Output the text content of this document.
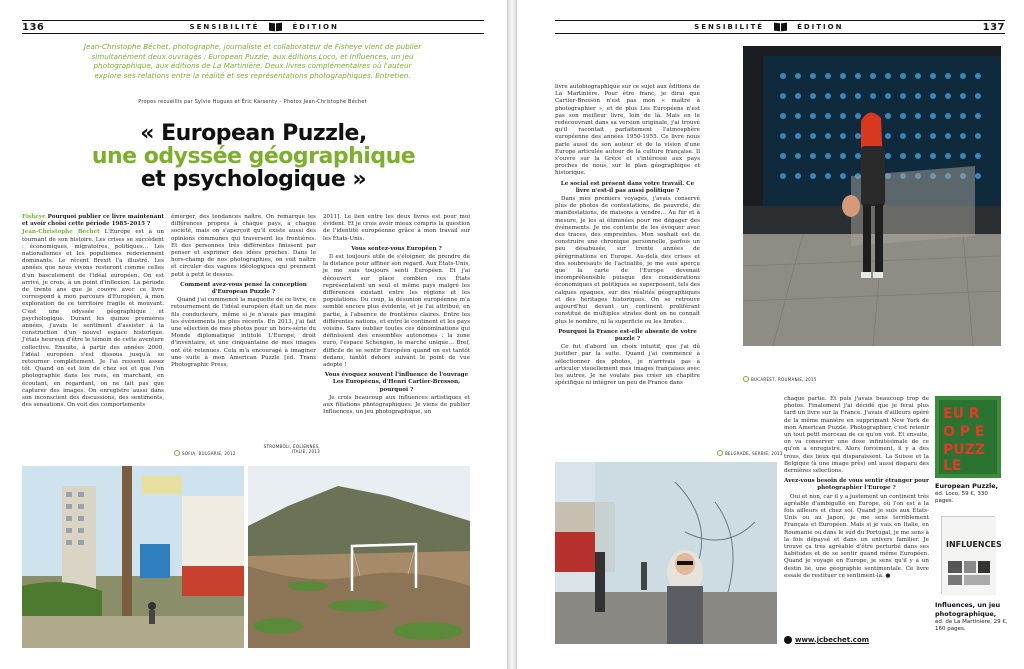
136	SENSIBILITÉ	ÉDITION
Jean-Christophe Béchet, photographe, journaliste et collaborateur de Fisheye vient de publier simultanément deux ouvrages : European Puzzle, aux éditions Loco, et Influences, un jeu photographique, aux éditions de La Martinière. Deux livres complémentaires où l'auteur explore ses relations entre la réalité et ses représentations photographiques. Entretien.
Propos recueillis par Sylvie Hugues et Éric Karsenty – Photos Jean-Christophe Béchet
« European Puzzle,
une odyssée géographique
et psychologique »

Fisheye Pourquoi publier ce livre maintenant et avoir choisi cette période 1985-2015 ?

Jean-Christophe Béchet L'Europe est à un tournant de son histoire. Les crises se succèdent : économiques, migratoires, politiques… Les nationalismes et les populismes redeviennent dominants. Le récent Brexit l'a illustré. Les années que nous vivons resteront comme celles d'un basculement de l'idéal européen. On est arrivé, je crois, à un point d'inflexion. La période de trente ans que je couvre avec ce livre correspond à mon parcours d'Européen, à mon exploration de ce territoire fragile et mouvant. C'est une odyssée géographique et psychologique. Durant les quinze premières années, j'avais le sentiment d'assister à la construction d'un nouvel espace historique. J'étais heureux d'être le témoin de cette aventure collective. Ensuite, à partir des années 2000, l'idéal européen s'est dissous jusqu'à se retourner complètement. Je l'ai ressenti assez tôt. Quand on est loin de chez soi et que l'on photographie dans les rues, en marchant, en écoutant, en regardant, on ne fait pas que capturer des images. On enregistre aussi dans son inconscient des discussions, des sentiments, des sensations. On voit des comportements

émerger, des tendances naître. On remarque les différences propres à chaque pays, à chaque société, mais on s'aperçoit qu'il existe aussi des opinions communes qui traversent les frontières. Et des personnes très différentes finissent par penser et exprimer des idées proches. Dans le hors-champ de nos photographies, on voit naître et circuler des vagues idéologiques qui prennent petit à petit le dessus.

Comment avez-vous pensé la conception d'European Puzzle ?

Quand j'ai commencé la maquette de ce livre, ce retournement de l'idéal européen était un de mes fils conducteurs, même si je n'avais pas imaginé les événements les plus récents. En 2013, j'ai fait une sélection de mes photos pour un hors-série du Monde diplomatique intitulé L'Europe, droit d'inventaire, et une cinquantaine de mes images ont été retenues. Cela m'a encouragé à imaginer une suite à mon American Puzzle [éd. Trans Photographic Press,

2011]. Le lien entre les deux livres est pour moi évident. Et je crois avoir mieux compris la question de l'identité européenne grâce à mon travail sur les États-Unis.

Vous sentez-vous Européen ?

Il est toujours utile de s'éloigner, de prendre de la distance pour affiner son regard. Aux États-Unis, je me suis toujours senti Européen. Et j'ai découvert sur place combien ces États représentaient un seul et même pays malgré les différences existant entre les régions et les populations. Du coup, la désunion européenne m'a semblé encore plus évidente, et je l'ai attribué, en partie, à l'absence de frontières claires. Entre les différentes nations, et entre le continent et les pays voisins. Sans oublier toutes ces dénominations qui définissent des ensembles autonomes : la zone euro, l'espace Schengen, le marché unique… Bref, difficile de se sentir Européen quand on est tantôt dedans, tantôt dehors suivant le point de vue adopté !

Vous évoquez souvent l'influence de l'ouvrage Les Européens, d'Henri Cartier-Bresson, pourquoi ?

Je crois beaucoup aux influences artistiques et aux filiations photographiques. Je viens de publier Influences, un jeu photographique, un

SOFIA, BULGARIE, 2012
STROMBOLI, ÉOLIENNES, ITALIE, 2013
SENSIBILITÉ	ÉDITION	137

livre autobiographique sur ce sujet aux éditions de La Martinière. Pour être franc, je dirai que Cartier-Bresson n'est pas mon « maître à photographier », et de plus Les Européens n'est pas son meilleur livre, loin de là. Mais en le redécouvrant dans sa version originale, j'ai trouvé qu'il racontait parfaitement l'atmosphère européenne des années 1950-1955. Ce livre nous parle aussi de son auteur et de la vision d'une Europe articulée autour de la culture française. Il s'ouvre sur la Grèce et s'intéresse aux pays proches de nous, sur le plan géographique et historique.

Le social est présent dans votre travail. Ce livre n'est-il pas aussi politique ?

Dans mes premiers voyages, j'avais conservé plus de photos de contestations, de pauvreté, de manifestations, de maisons à vendre… Au fur et à mesure, je les ai éliminées pour me dégager des événements. Je me contente de les évoquer avec des traces, des empreintes. Mon souhait est de construire une chronique personnelle, parfois un peu désabusée, sur trente années de pérégrinations en Europe. Au-delà des crises et des soubresauts de l'actualité, je me suis aperçu que la carte de l'Europe devenait incompréhensible puisque des considérations économiques et politiques se superposent, tels des calques opaques, sur des réalités géographiques et des héritages historiques. On se retrouve aujourd'hui devant un continent proliférant constitué de multiples strates dont on ne connaît plus le nombre, ni la superficie ou les limites.

Pourquoi la France est-elle absente de votre puzzle ?

Ce fut d'abord un choix intuitif, que j'ai dû justifier par la suite. Quand j'ai commencé à sélectionner des photos, je n'arrivais pas à articuler visuellement mes images françaises avec les autres. Je ne voulais pas créer un chapitre spécifique ni intégrer un peu de France dans

BUCAREST, ROUMANIE, 2015
BELGRADE, SERBIE, 2013

chaque partie. Et puis j'avais beaucoup trop de photos. Finalement j'ai décidé que je ferai plus tard un livre sur la France. J'avais d'ailleurs opéré de la même manière en supprimant New York de mon American Puzzle. Photographier, c'est retenir un tout petit morceau de ce qu'on voit. Et ensuite, on va conserver une dose infinitésimale de ce qu'on a enregistré. Alors forcément, il y a des trous, des lieux qui disparaissent. La Suisse et la Belgique (à une image près) ont aussi disparu des dernières sélections.

Avez-vous besoin de vous sentir étranger pour photographier l'Europe ?

Oui et non, car il y a justement un continent très agréable d'ambiguïté en Europe, où l'on est à la fois ailleurs et chez soi. Quand je suis aux États-Unis ou au Japon, je me sens terriblement Français et Européen. Mais si je vais en Italie, en Roumanie ou dans le sud du Portugal, je me sens à la fois dépaysé et dans un univers familier. Je trouve ça très agréable d'être perturbé dans ses habitudes et de se sentir quand même Européen. Quand je voyage en Europe, je sens qu'il y a un destin lié, une géographie sentimentale. Ce livre essaie de restituer ce sentiment-là. ●

EU R
O P E
PUZZ
LE
European Puzzle,
éd. Loco, 59 €, 330 pages.
INFLUENCES
Influences, un jeu photographique,
éd. de La Martinière, 29 €, 160 pages.
www.jcbechet.com
